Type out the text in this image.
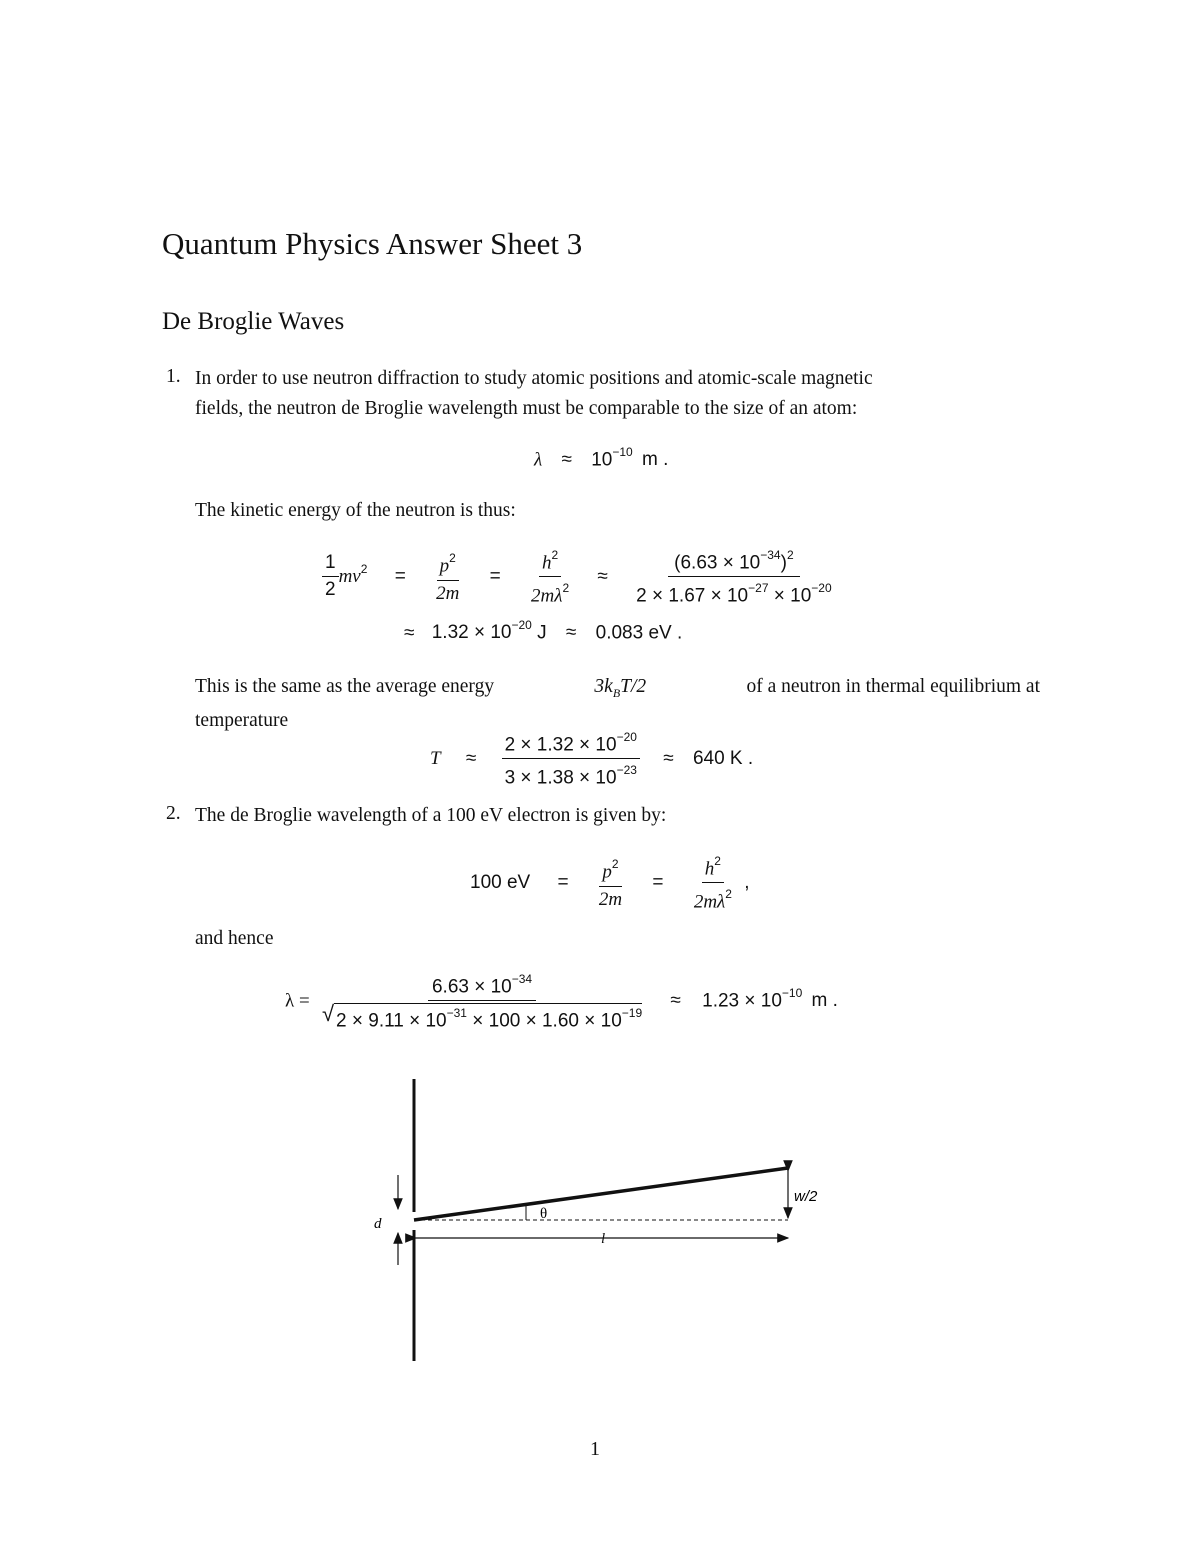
Quantum Physics Answer Sheet 3
De Broglie Waves
1. In order to use neutron diffraction to study atomic positions and atomic-scale magnetic
fields, the neutron de Broglie wavelength must be comparable to the size of an atom:
$\lambda \approx 10^{-10}$ m .
The kinetic energy of the neutron is thus:
$\frac{1}{2} mv^2 = \frac{p^2}{2m} = \frac{h^2}{2m\lambda^2} \approx \frac{(6.63 \times 10^{-34})^2}{2 \times 1.67 \times 10^{-27} \times 10^{-20}}$
≈ $1.32 \times 10^{-20}$ J ≈ 0.083 eV .
This is the same as the average energy	$3k_BT/2$	of a neutron in thermal equilibrium at
temperature
$T \approx \frac{2 \times 1.32 \times 10^{-20}}{3 \times 1.38 \times 10^{-23}} \approx 640$ K .
2. The de Broglie wavelength of a 100 eV electron is given by:
100 eV = $\frac{p^2}{2m} = \frac{h^2}{2m\lambda^2}$ ,
and hence
$\lambda = \frac{6.63 \times 10^{-34}}{√ 2 \times 9.11 \times 10^{-31} \times 100 \times 1.60 \times 10^{-19}} \approx 1.23 \times 10^{-10}$ m .
d
θ
w/2
l
1
